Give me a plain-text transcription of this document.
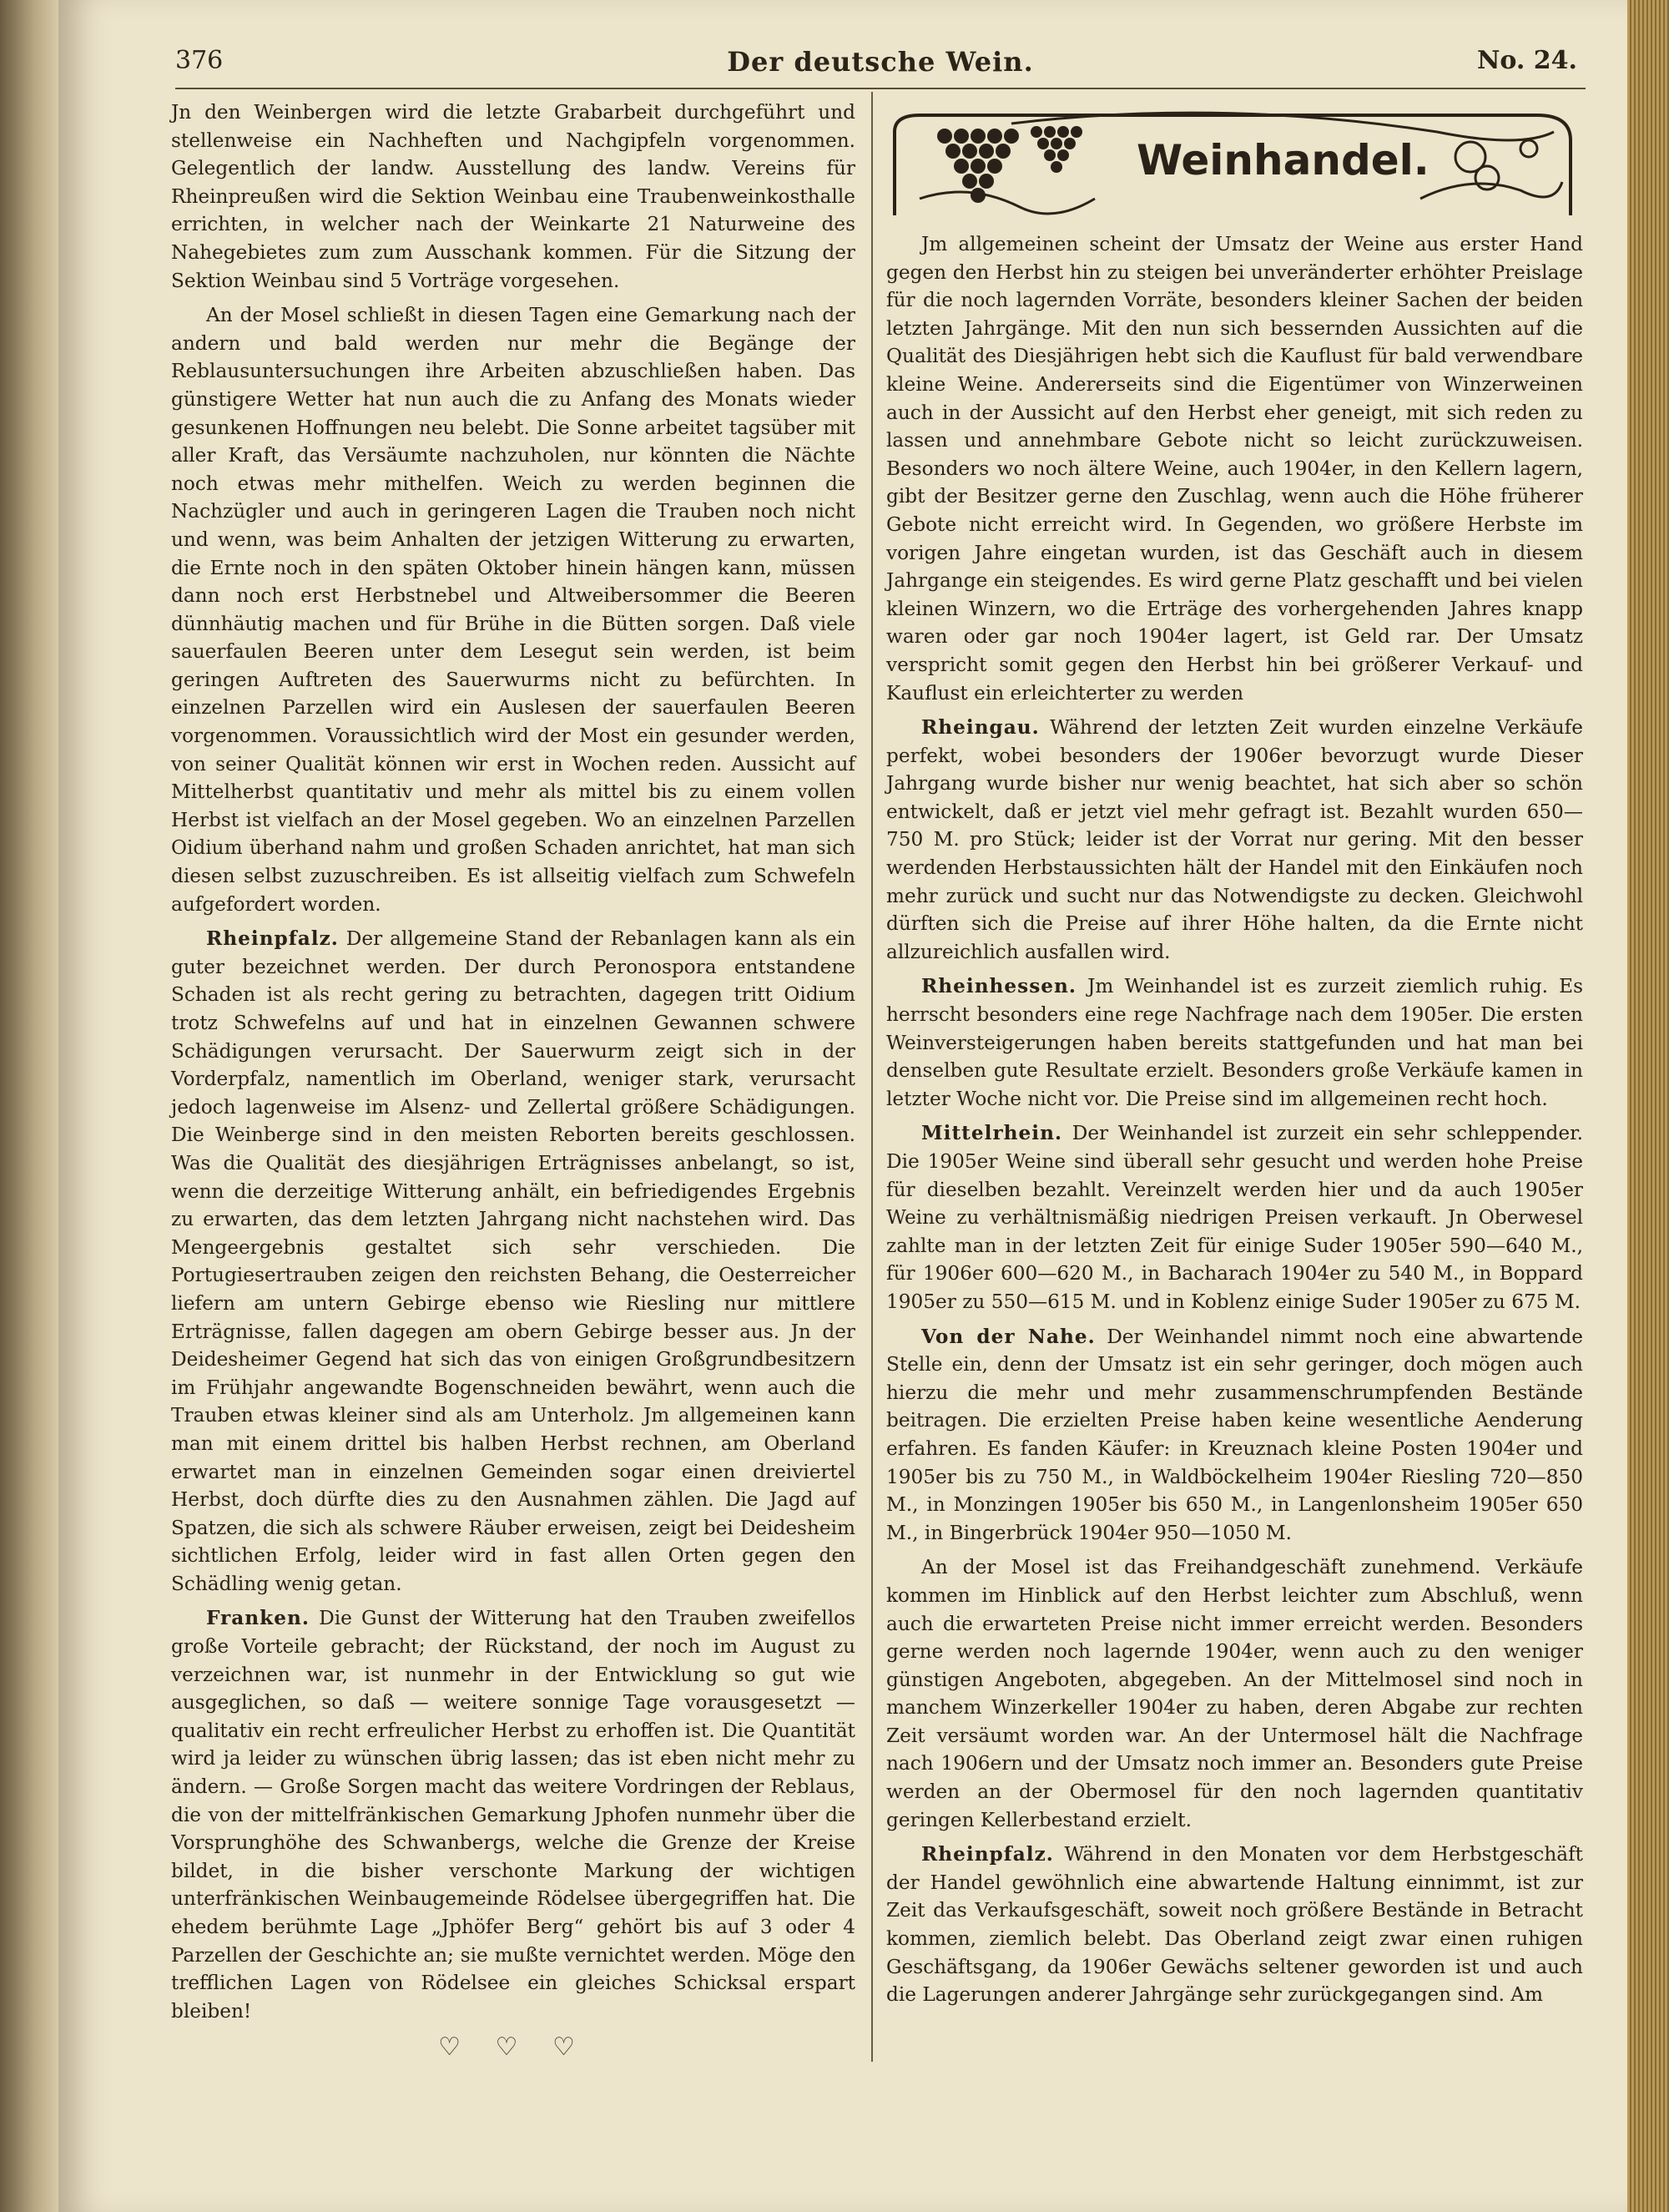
376	Der deutsche Wein.	No. 24.

Jn den Weinbergen wird die letzte Grabarbeit durchgeführt und stellenweise ein Nachheften und Nachgipfeln vorgenommen. Gelegentlich der landw. Ausstellung des landw. Vereins für Rheinpreußen wird die Sektion Weinbau eine Traubenweinkosthalle errichten, in welcher nach der Weinkarte 21 Naturweine des Nahegebietes zum zum Ausschank kommen. Für die Sitzung der Sektion Weinbau sind 5 Vorträge vorgesehen.

An der Mosel schließt in diesen Tagen eine Gemarkung nach der andern und bald werden nur mehr die Begänge der Reblausuntersuchungen ihre Arbeiten abzuschließen haben. Das günstigere Wetter hat nun auch die zu Anfang des Monats wieder gesunkenen Hoffnungen neu belebt. Die Sonne arbeitet tagsüber mit aller Kraft, das Versäumte nachzuholen, nur könnten die Nächte noch etwas mehr mithelfen. Weich zu werden beginnen die Nachzügler und auch in geringeren Lagen die Trauben noch nicht und wenn, was beim Anhalten der jetzigen Witterung zu erwarten, die Ernte noch in den späten Oktober hinein hängen kann, müssen dann noch erst Herbstnebel und Altweibersommer die Beeren dünnhäutig machen und für Brühe in die Bütten sorgen. Daß viele sauerfaulen Beeren unter dem Lesegut sein werden, ist beim geringen Auftreten des Sauerwurms nicht zu befürchten. In einzelnen Parzellen wird ein Auslesen der sauerfaulen Beeren vorgenommen. Voraussichtlich wird der Most ein gesunder werden, von seiner Qualität können wir erst in Wochen reden. Aussicht auf Mittelherbst quantitativ und mehr als mittel bis zu einem vollen Herbst ist vielfach an der Mosel gegeben. Wo an einzelnen Parzellen Oidium überhand nahm und großen Schaden anrichtet, hat man sich diesen selbst zuzuschreiben. Es ist allseitig vielfach zum Schwefeln aufgefordert worden.

Rheinpfalz. Der allgemeine Stand der Rebanlagen kann als ein guter bezeichnet werden. Der durch Peronospora entstandene Schaden ist als recht gering zu betrachten, dagegen tritt Oidium trotz Schwefelns auf und hat in einzelnen Gewannen schwere Schädigungen verursacht. Der Sauerwurm zeigt sich in der Vorderpfalz, namentlich im Oberland, weniger stark, verursacht jedoch lagenweise im Alsenz- und Zellertal größere Schädigungen. Die Weinberge sind in den meisten Reborten bereits geschlossen. Was die Qualität des diesjährigen Erträgnisses anbelangt, so ist, wenn die derzeitige Witterung anhält, ein befriedigendes Ergebnis zu erwarten, das dem letzten Jahrgang nicht nachstehen wird. Das Mengeergebnis gestaltet sich sehr verschieden. Die Portugiesertrauben zeigen den reichsten Behang, die Oesterreicher liefern am untern Gebirge ebenso wie Riesling nur mittlere Erträgnisse, fallen dagegen am obern Gebirge besser aus. Jn der Deidesheimer Gegend hat sich das von einigen Großgrundbesitzern im Frühjahr angewandte Bogenschneiden bewährt, wenn auch die Trauben etwas kleiner sind als am Unterholz. Jm allgemeinen kann man mit einem drittel bis halben Herbst rechnen, am Oberland erwartet man in einzelnen Gemeinden sogar einen dreiviertel Herbst, doch dürfte dies zu den Ausnahmen zählen. Die Jagd auf Spatzen, die sich als schwere Räuber erweisen, zeigt bei Deidesheim sichtlichen Erfolg, leider wird in fast allen Orten gegen den Schädling wenig getan.

Franken. Die Gunst der Witterung hat den Trauben zweifellos große Vorteile gebracht; der Rückstand, der noch im August zu verzeichnen war, ist nunmehr in der Entwicklung so gut wie ausgeglichen, so daß — weitere sonnige Tage vorausgesetzt — qualitativ ein recht erfreulicher Herbst zu erhoffen ist. Die Quantität wird ja leider zu wünschen übrig lassen; das ist eben nicht mehr zu ändern. — Große Sorgen macht das weitere Vordringen der Reblaus, die von der mittelfränkischen Gemarkung Jphofen nunmehr über die Vorsprunghöhe des Schwanbergs, welche die Grenze der Kreise bildet, in die bisher verschonte Markung der wichtigen unterfränkischen Weinbaugemeinde Rödelsee übergegriffen hat. Die ehedem berühmte Lage „Jphöfer Berg“ gehört bis auf 3 oder 4 Parzellen der Geschichte an; sie mußte vernichtet werden. Möge den trefflichen Lagen von Rödelsee ein gleiches Schicksal erspart bleiben!

♡ ♡ ♡
Weinhandel.

Jm allgemeinen scheint der Umsatz der Weine aus erster Hand gegen den Herbst hin zu steigen bei unveränderter erhöhter Preislage für die noch lagernden Vorräte, besonders kleiner Sachen der beiden letzten Jahrgänge. Mit den nun sich bessernden Aussichten auf die Qualität des Diesjährigen hebt sich die Kauflust für bald verwendbare kleine Weine. Andererseits sind die Eigentümer von Winzerweinen auch in der Aussicht auf den Herbst eher geneigt, mit sich reden zu lassen und annehmbare Gebote nicht so leicht zurückzuweisen. Besonders wo noch ältere Weine, auch 1904er, in den Kellern lagern, gibt der Besitzer gerne den Zuschlag, wenn auch die Höhe früherer Gebote nicht erreicht wird. In Gegenden, wo größere Herbste im vorigen Jahre eingetan wurden, ist das Geschäft auch in diesem Jahrgange ein steigendes. Es wird gerne Platz geschafft und bei vielen kleinen Winzern, wo die Erträge des vorhergehenden Jahres knapp waren oder gar noch 1904er lagert, ist Geld rar. Der Umsatz verspricht somit gegen den Herbst hin bei größerer Verkauf- und Kauflust ein erleichterter zu werden

Rheingau. Während der letzten Zeit wurden einzelne Verkäufe perfekt, wobei besonders der 1906er bevorzugt wurde Dieser Jahrgang wurde bisher nur wenig beachtet, hat sich aber so schön entwickelt, daß er jetzt viel mehr gefragt ist. Bezahlt wurden 650—750 M. pro Stück; leider ist der Vorrat nur gering. Mit den besser werdenden Herbstaussichten hält der Handel mit den Einkäufen noch mehr zurück und sucht nur das Notwendigste zu decken. Gleichwohl dürften sich die Preise auf ihrer Höhe halten, da die Ernte nicht allzureichlich ausfallen wird.

Rheinhessen. Jm Weinhandel ist es zurzeit ziemlich ruhig. Es herrscht besonders eine rege Nachfrage nach dem 1905er. Die ersten Weinversteigerungen haben bereits stattgefunden und hat man bei denselben gute Resultate erzielt. Besonders große Verkäufe kamen in letzter Woche nicht vor. Die Preise sind im allgemeinen recht hoch.

Mittelrhein. Der Weinhandel ist zurzeit ein sehr schleppender. Die 1905er Weine sind überall sehr gesucht und werden hohe Preise für dieselben bezahlt. Vereinzelt werden hier und da auch 1905er Weine zu verhältnismäßig niedrigen Preisen verkauft. Jn Oberwesel zahlte man in der letzten Zeit für einige Suder 1905er 590—640 M., für 1906er 600—620 M., in Bacharach 1904er zu 540 M., in Boppard 1905er zu 550—615 M. und in Koblenz einige Suder 1905er zu 675 M.

Von der Nahe. Der Weinhandel nimmt noch eine abwartende Stelle ein, denn der Umsatz ist ein sehr geringer, doch mögen auch hierzu die mehr und mehr zusammenschrumpfenden Bestände beitragen. Die erzielten Preise haben keine wesentliche Aenderung erfahren. Es fanden Käufer: in Kreuznach kleine Posten 1904er und 1905er bis zu 750 M., in Waldböckelheim 1904er Riesling 720—850 M., in Monzingen 1905er bis 650 M., in Langenlonsheim 1905er 650 M., in Bingerbrück 1904er 950—1050 M.

An der Mosel ist das Freihandgeschäft zunehmend. Verkäufe kommen im Hinblick auf den Herbst leichter zum Abschluß, wenn auch die erwarteten Preise nicht immer erreicht werden. Besonders gerne werden noch lagernde 1904er, wenn auch zu den weniger günstigen Angeboten, abgegeben. An der Mittelmosel sind noch in manchem Winzerkeller 1904er zu haben, deren Abgabe zur rechten Zeit versäumt worden war. An der Untermosel hält die Nachfrage nach 1906ern und der Umsatz noch immer an. Besonders gute Preise werden an der Obermosel für den noch lagernden quantitativ geringen Kellerbestand erzielt.

Rheinpfalz. Während in den Monaten vor dem Herbstgeschäft der Handel gewöhnlich eine abwartende Haltung einnimmt, ist zur Zeit das Verkaufsgeschäft, soweit noch größere Bestände in Betracht kommen, ziemlich belebt. Das Oberland zeigt zwar einen ruhigen Geschäftsgang, da 1906er Gewächs seltener geworden ist und auch die Lagerungen anderer Jahrgänge sehr zurückgegangen sind. Am
